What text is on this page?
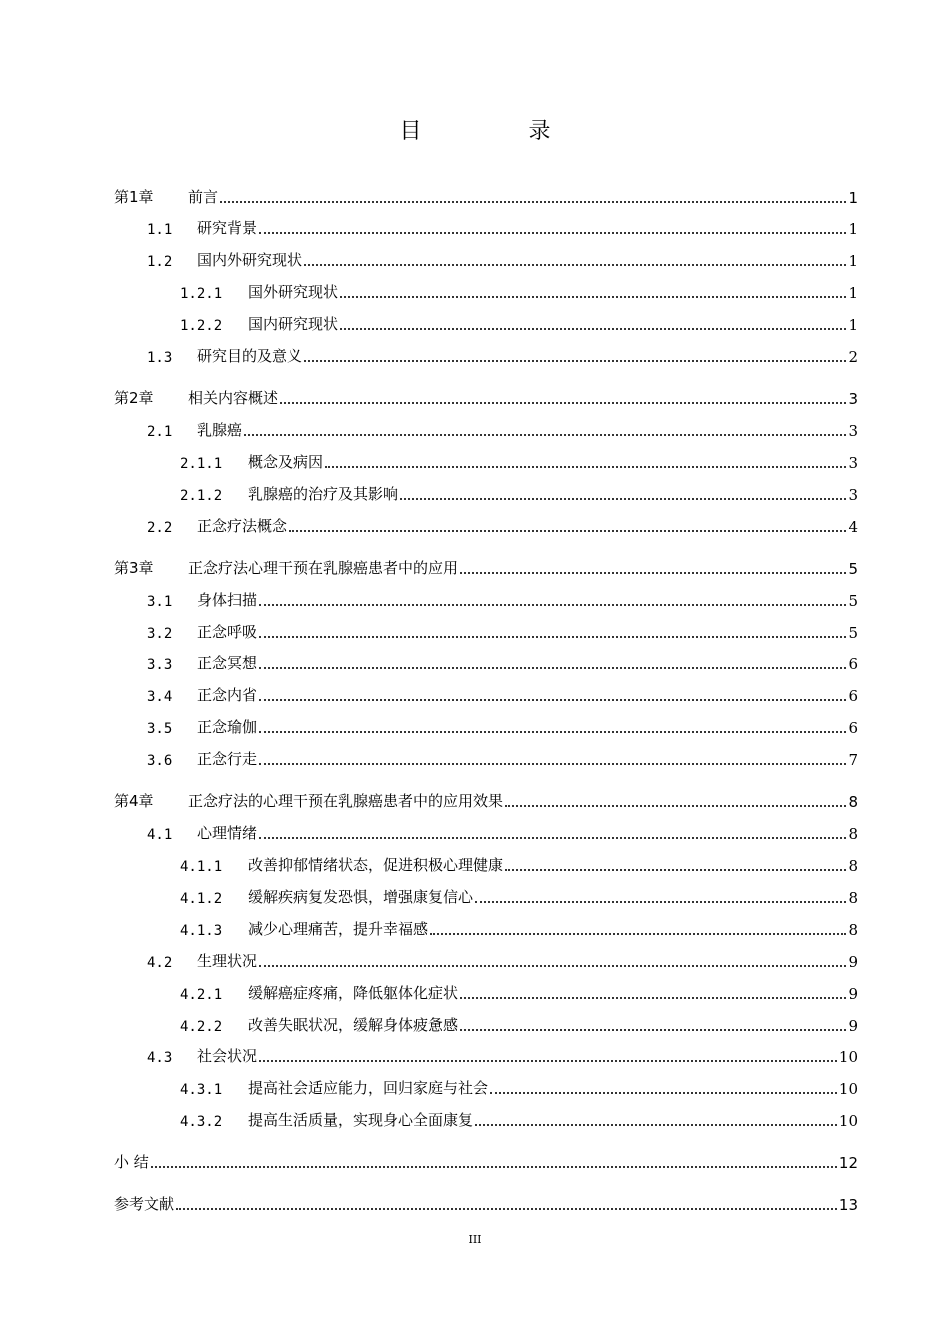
目 录
第1章	前言	1
1.1	研究背景	1
1.2	国内外研究现状	1
1.2.1	国外研究现状	1
1.2.2	国内研究现状	1
1.3	研究目的及意义	2
第2章	相关内容概述	3
2.1	乳腺癌	3
2.1.1	概念及病因	3
2.1.2	乳腺癌的治疗及其影响	3
2.2	正念疗法概念	4
第3章	正念疗法心理干预在乳腺癌患者中的应用	5
3.1	身体扫描	5
3.2	正念呼吸	5
3.3	正念冥想	6
3.4	正念内省	6
3.5	正念瑜伽	6
3.6	正念行走	7
第4章	正念疗法的心理干预在乳腺癌患者中的应用效果	8
4.1	心理情绪	8
4.1.1	改善抑郁情绪状态，促进积极心理健康	8
4.1.2	缓解疾病复发恐惧，增强康复信心	8
4.1.3	减少心理痛苦，提升幸福感	8
4.2	生理状况	9
4.2.1	缓解癌症疼痛，降低躯体化症状	9
4.2.2	改善失眠状况，缓解身体疲惫感	9
4.3	社会状况	10
4.3.1	提高社会适应能力，回归家庭与社会	10
4.3.2	提高生活质量，实现身心全面康复	10
小 结	12
参考文献	13
III
